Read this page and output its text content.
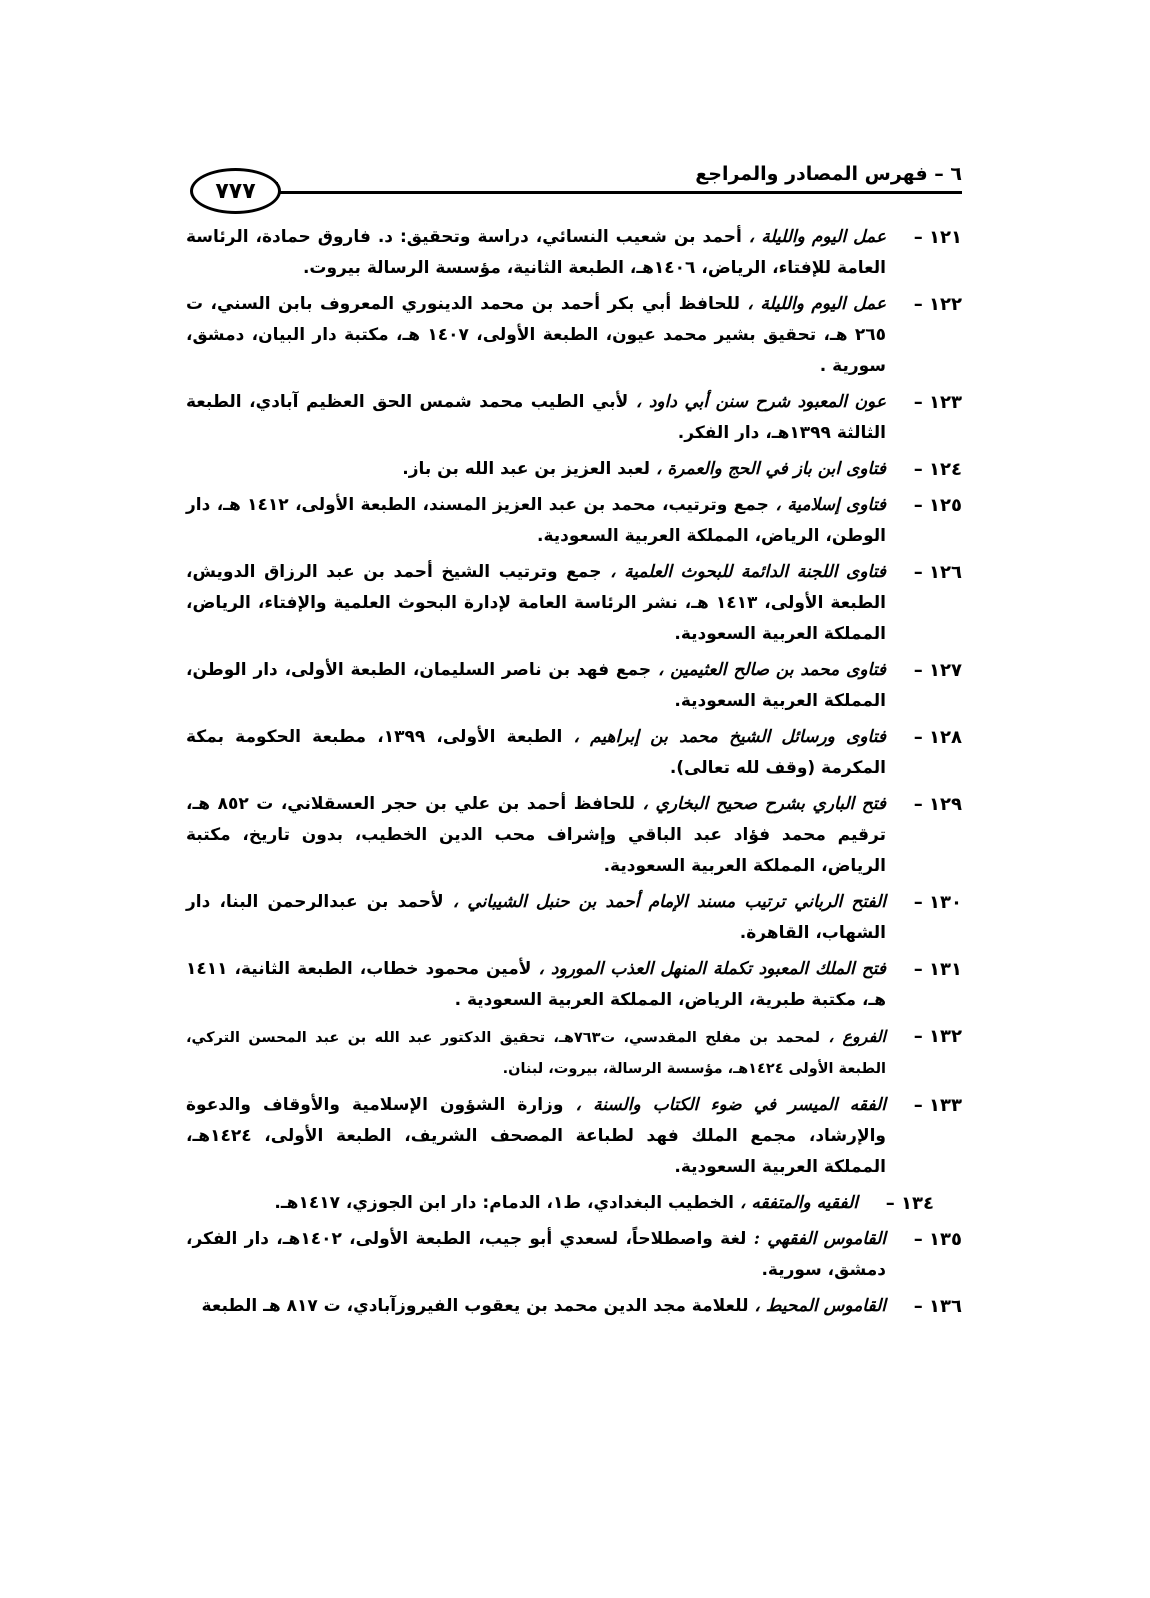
٦ – فهرس المصادر والمراجع
٧٧٧
١٢١ –
عمل اليوم والليلة ، أحمد بن شعيب النسائي، دراسة وتحقيق: د. فاروق حمادة، الرئاسة العامة للإفتاء، الرياض، ١٤٠٦هـ، الطبعة الثانية، مؤسسة الرسالة بيروت.
١٢٢ –
عمل اليوم والليلة ، للحافظ أبي بكر أحمد بن محمد الدينوري المعروف بابن السني، ت ٢٦٥ هـ، تحقيق بشير محمد عيون، الطبعة الأولى، ١٤٠٧ هـ، مكتبة دار البيان، دمشق، سورية .
١٢٣ –
عون المعبود شرح سنن أبي داود ، لأبي الطيب محمد شمس الحق العظيم آبادي، الطبعة الثالثة ١٣٩٩هـ، دار الفكر.
١٢٤ –
فتاوى ابن باز في الحج والعمرة ، لعبد العزيز بن عبد الله بن باز.
١٢٥ –
فتاوى إسلامية ، جمع وترتيب، محمد بن عبد العزيز المسند، الطبعة الأولى، ١٤١٢ هـ، دار الوطن، الرياض، المملكة العربية السعودية.
١٢٦ –
فتاوى اللجنة الدائمة للبحوث العلمية ، جمع وترتيب الشيخ أحمد بن عبد الرزاق الدويش، الطبعة الأولى، ١٤١٣ هـ، نشر الرئاسة العامة لإدارة البحوث العلمية والإفتاء، الرياض، المملكة العربية السعودية.
١٢٧ –
فتاوى محمد بن صالح العثيمين ، جمع فهد بن ناصر السليمان، الطبعة الأولى، دار الوطن، المملكة العربية السعودية.
١٢٨ –
فتاوى ورسائل الشيخ محمد بن إبراهيم ، الطبعة الأولى، ١٣٩٩، مطبعة الحكومة بمكة المكرمة (وقف لله تعالى).
١٢٩ –
فتح الباري بشرح صحيح البخاري ، للحافظ أحمد بن علي بن حجر العسقلاني، ت ٨٥٢ هـ، ترقيم محمد فؤاد عبد الباقي وإشراف محب الدين الخطيب، بدون تاريخ، مكتبة الرياض، المملكة العربية السعودية.
١٣٠ –
الفتح الرباني ترتيب مسند الإمام أحمد بن حنبل الشيباني ، لأحمد بن عبدالرحمن البنا، دار الشهاب، القاهرة.
١٣١ –
فتح الملك المعبود تكملة المنهل العذب المورود ، لأمين محمود خطاب، الطبعة الثانية، ١٤١١ هـ، مكتبة طبرية، الرياض، المملكة العربية السعودية .
١٣٢ –
الفروع ، لمحمد بن مفلح المقدسي، ت٧٦٣هـ، تحقيق الدكتور عبد الله بن عبد المحسن التركي، الطبعة الأولى ١٤٢٤هـ، مؤسسة الرسالة، بيروت، لبنان.
١٣٣ –
الفقه الميسر في ضوء الكتاب والسنة ، وزارة الشؤون الإسلامية والأوقاف والدعوة والإرشاد، مجمع الملك فهد لطباعة المصحف الشريف، الطبعة الأولى، ١٤٢٤هـ، المملكة العربية السعودية.
١٣٤ –
الفقيه والمتفقه ، الخطيب البغدادي، ط١، الدمام: دار ابن الجوزي، ١٤١٧هـ.
١٣٥ –
القاموس الفقهي : لغة واصطلاحاً، لسعدي أبو جيب، الطبعة الأولى، ١٤٠٢هـ، دار الفكر، دمشق، سورية.
١٣٦ –
القاموس المحيط ، للعلامة مجد الدين محمد بن يعقوب الفيروزآبادي، ت ٨١٧ هـ الطبعة
